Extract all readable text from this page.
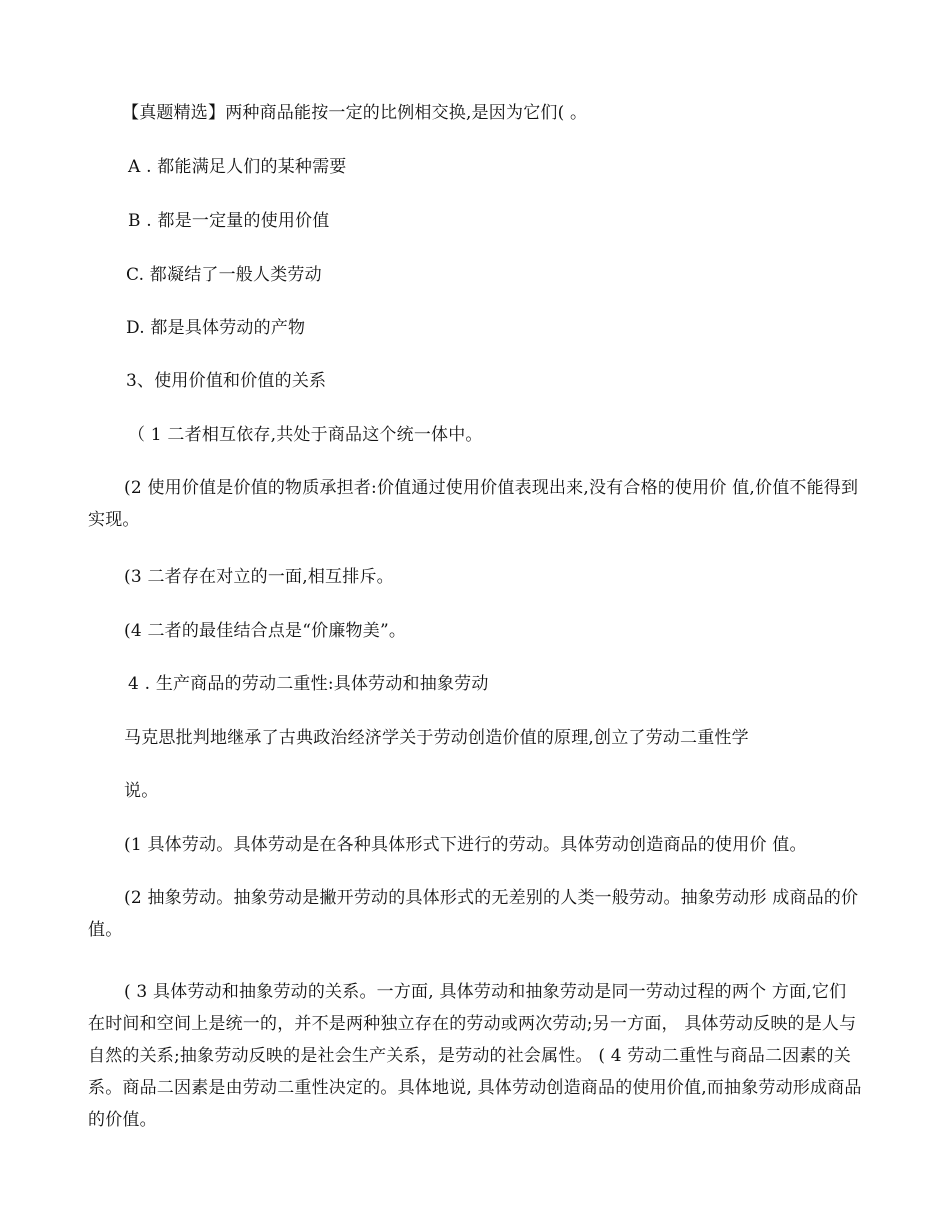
【真题精选】两种商品能按一定的比例相交换,是因为它们( 。
A . 都能满足人们的某种需要
B . 都是一定量的使用价值
C. 都凝结了一般人类劳动
D. 都是具体劳动的产物
3、使用价值和价值的关系
（ 1 二者相互依存,共处于商品这个统一体中。
(2 使用价值是价值的物质承担者:价值通过使用价值表现出来,没有合格的使用价 值,价值不能得到实现。
(3 二者存在对立的一面,相互排斥。
(4 二者的最佳结合点是“价廉物美”。
4 . 生产商品的劳动二重性:具体劳动和抽象劳动
马克思批判地继承了古典政治经济学关于劳动创造价值的原理,创立了劳动二重性学
说。
(1 具体劳动。具体劳动是在各种具体形式下进行的劳动。具体劳动创造商品的使用价 值。
(2 抽象劳动。抽象劳动是撇开劳动的具体形式的无差别的人类一般劳动。抽象劳动形 成商品的价值。
( 3 具体劳动和抽象劳动的关系。一方面, 具体劳动和抽象劳动是同一劳动过程的两个 方面,它们在时间和空间上是统一的，并不是两种独立存在的劳动或两次劳动;另一方面， 具体劳动反映的是人与自然的关系;抽象劳动反映的是社会生产关系，是劳动的社会属性。 ( 4 劳动二重性与商品二因素的关系。商品二因素是由劳动二重性决定的。具体地说, 具体劳动创造商品的使用价值,而抽象劳动形成商品的价值。
